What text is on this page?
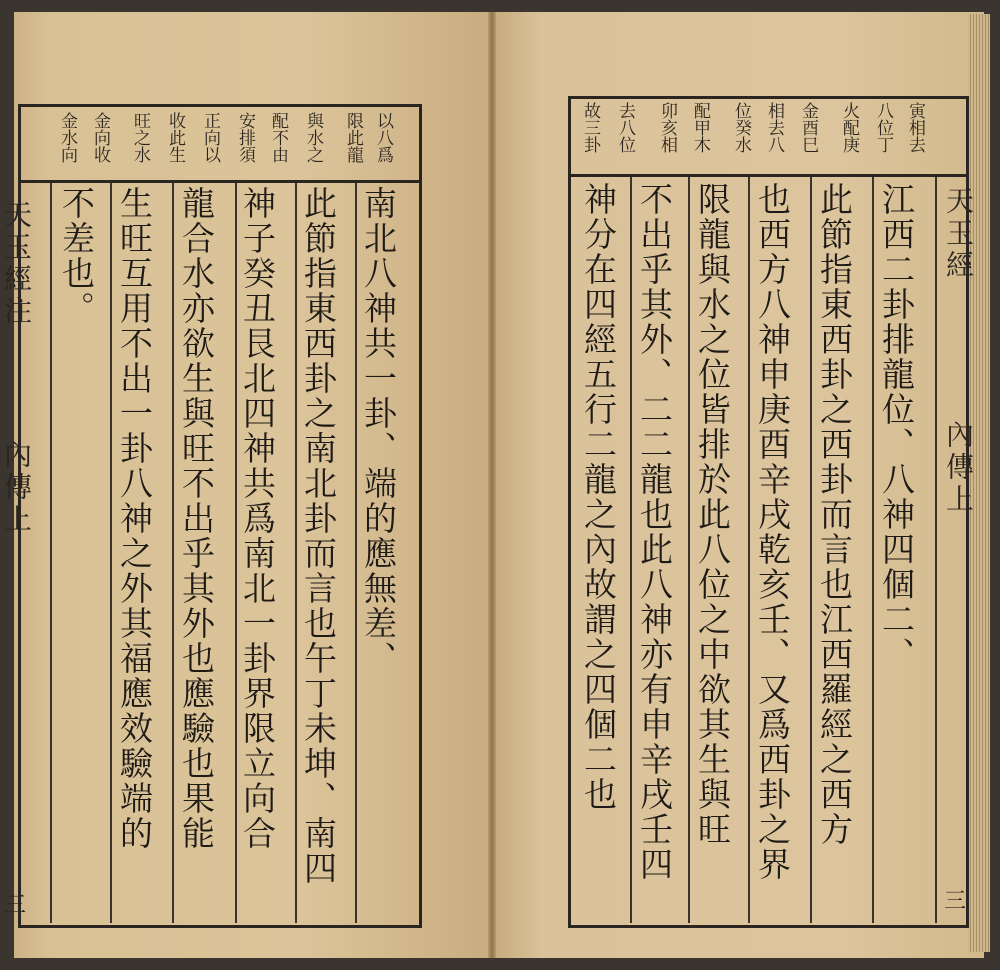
以八爲
限此龍
與水之
配不由
安排須
正向以
收此生
旺之水
金向收
金水向
南北八神共一卦、端的應無差、
此節指東西卦之南北卦而言也午丁未坤、南四
神子癸丑艮北四神共爲南北一卦界限立向合
龍合水亦欲生與旺不出乎其外也應驗也果能
生旺互用不出一卦八神之外其福應效驗端的
不差也。
天玉經注
內傳上
三
寅相去
八位丁
火配庚
金酉巳
相去八
位癸水
配甲木
卯亥相
去八位
故三卦
江西二卦排龍位、八神四個二、
此節指東西卦之西卦而言也江西羅經之西方
也西方八神申庚酉辛戌乾亥壬、又爲西卦之界
限龍與水之位皆排於此八位之中欲其生與旺
不出乎其外、二二龍也此八神亦有申辛戌壬四
神分在四經五行二龍之內故謂之四個二也	天玉經
內傳上
三
